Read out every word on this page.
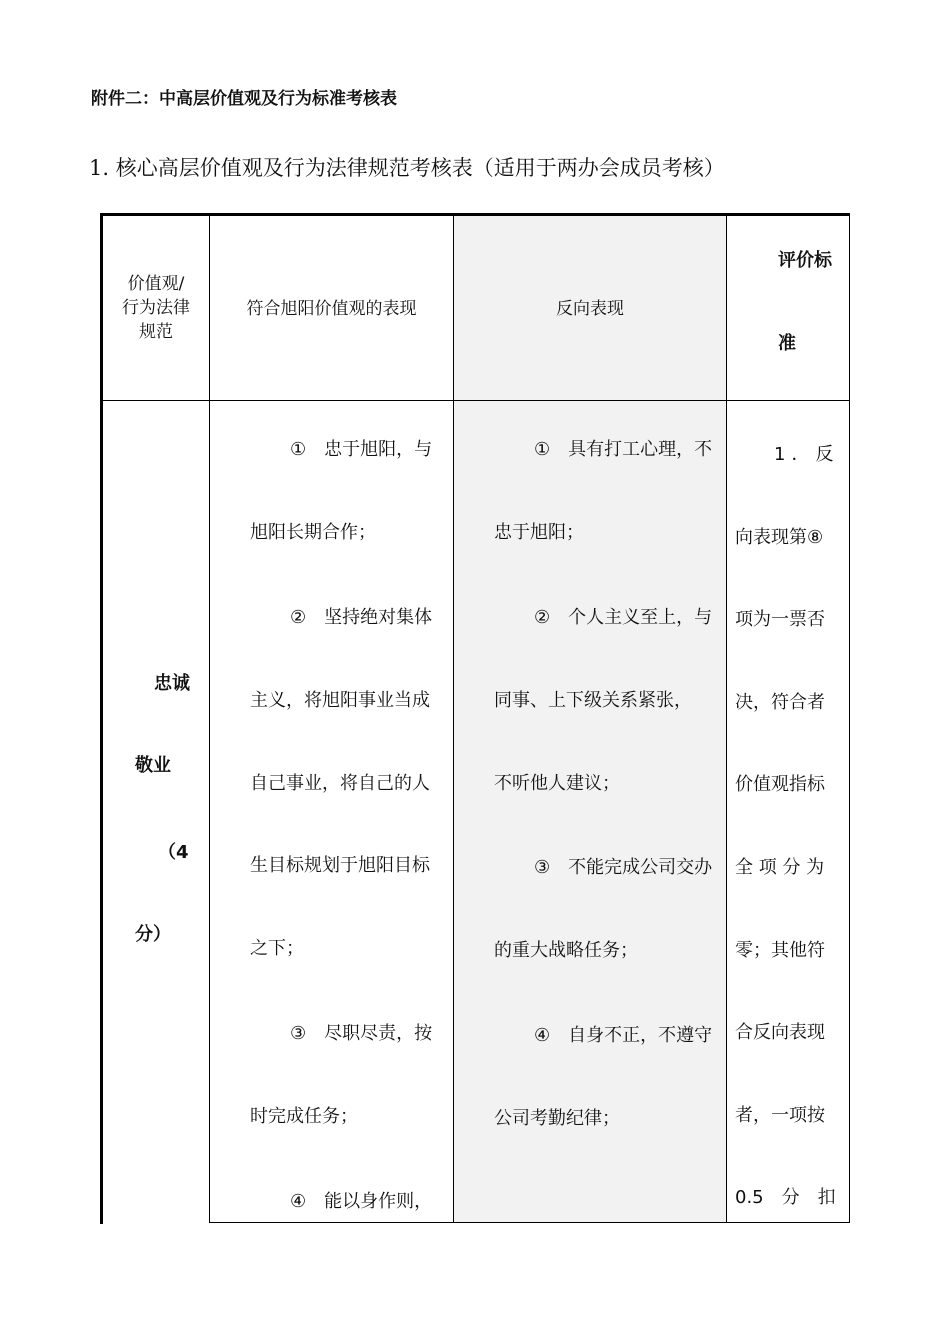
附件二：中高层价值观及行为标准考核表
1. 核心高层价值观及行为法律规范考核表（适用于两办会成员考核）
价值观/
行为法律
规范
符合旭阳价值观的表现	反向表现
评价标
准
忠诚
敬业
（4
分）
①　忠于旭阳，与
旭阳长期合作；
②　坚持绝对集体
主义，将旭阳事业当成
自己事业，将自己的人
生目标规划于旭阳目标
之下；
③　尽职尽责，按
时完成任务；
④　能以身作则，
①　具有打工心理，不
忠于旭阳；
②　个人主义至上，与
同事、上下级关系紧张，
不听他人建议；
③　不能完成公司交办
的重大战略任务；
④　自身不正，不遵守
公司考勤纪律；
1．反
向表现第⑧
项为一票否
决，符合者
价值观指标
全 项 分 为
零；其他符
合反向表现
者，一项按
0.5　分　扣
